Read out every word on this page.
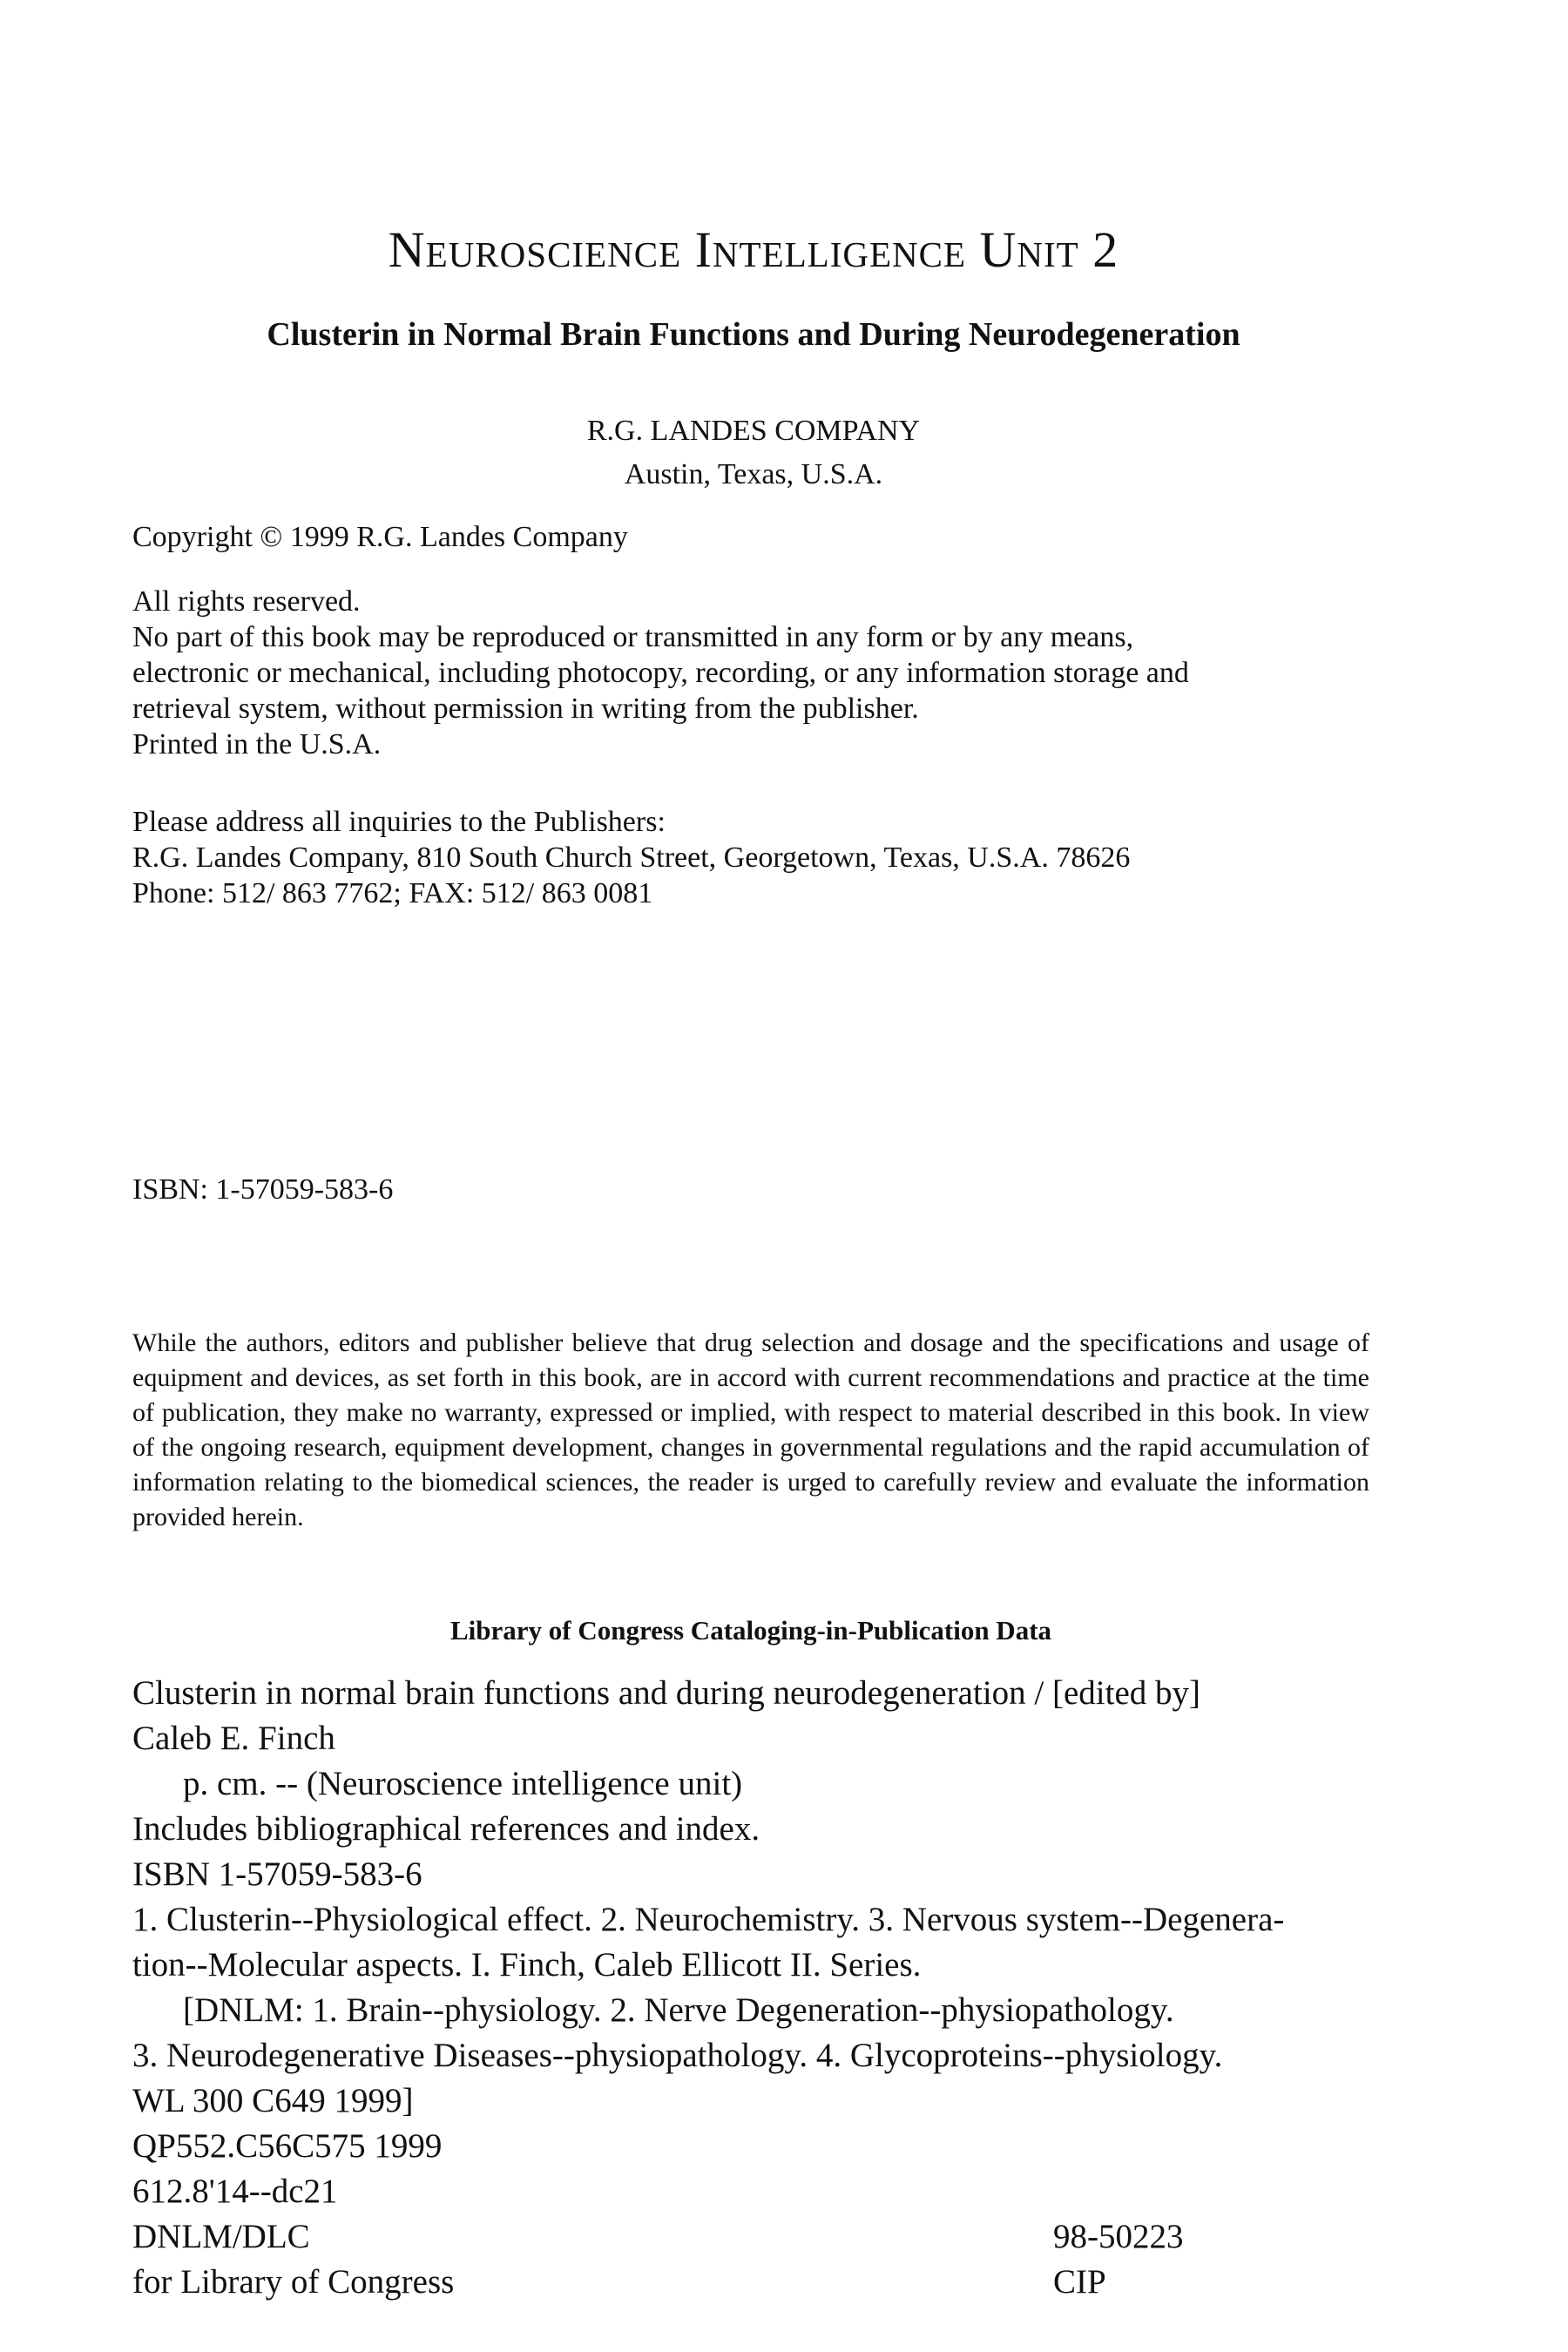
Neuroscience Intelligence Unit 2
Clusterin in Normal Brain Functions and During Neurodegeneration
R.G. LANDES COMPANY
Austin, Texas, U.S.A.
Copyright © 1999 R.G. Landes Company
All rights reserved.
No part of this book may be reproduced or transmitted in any form or by any means,
electronic or mechanical, including photocopy, recording, or any information storage and
retrieval system, without permission in writing from the publisher.
Printed in the U.S.A.
Please address all inquiries to the Publishers:
R.G. Landes Company, 810 South Church Street, Georgetown, Texas, U.S.A. 78626
Phone: 512/ 863 7762; FAX: 512/ 863 0081
ISBN: 1-57059-583-6
While the authors, editors and publisher believe that drug selection and dosage and the specifications and usage of equipment and devices, as set forth in this book, are in accord with current recommendations and practice at the time of publication, they make no warranty, expressed or implied, with respect to material described in this book. In view of the ongoing research, equipment development, changes in governmental regulations and the rapid accumulation of information relating to the biomedical sciences, the reader is urged to carefully review and evaluate the information provided herein.
Library of Congress Cataloging-in-Publication Data
Clusterin in normal brain functions and during neurodegeneration / [edited by]
Caleb E. Finch
p. cm. -- (Neuroscience intelligence unit)
Includes bibliographical references and index.
ISBN 1-57059-583-6
1. Clusterin--Physiological effect. 2. Neurochemistry. 3. Nervous system--Degenera-
tion--Molecular aspects. I. Finch, Caleb Ellicott II. Series.
[DNLM: 1. Brain--physiology. 2. Nerve Degeneration--physiopathology.
3. Neurodegenerative Diseases--physiopathology. 4. Glycoproteins--physiology.
WL 300 C649 1999]
QP552.C56C575 1999
612.8'14--dc21
DNLM/DLC	98-50223
for Library of Congress	CIP
